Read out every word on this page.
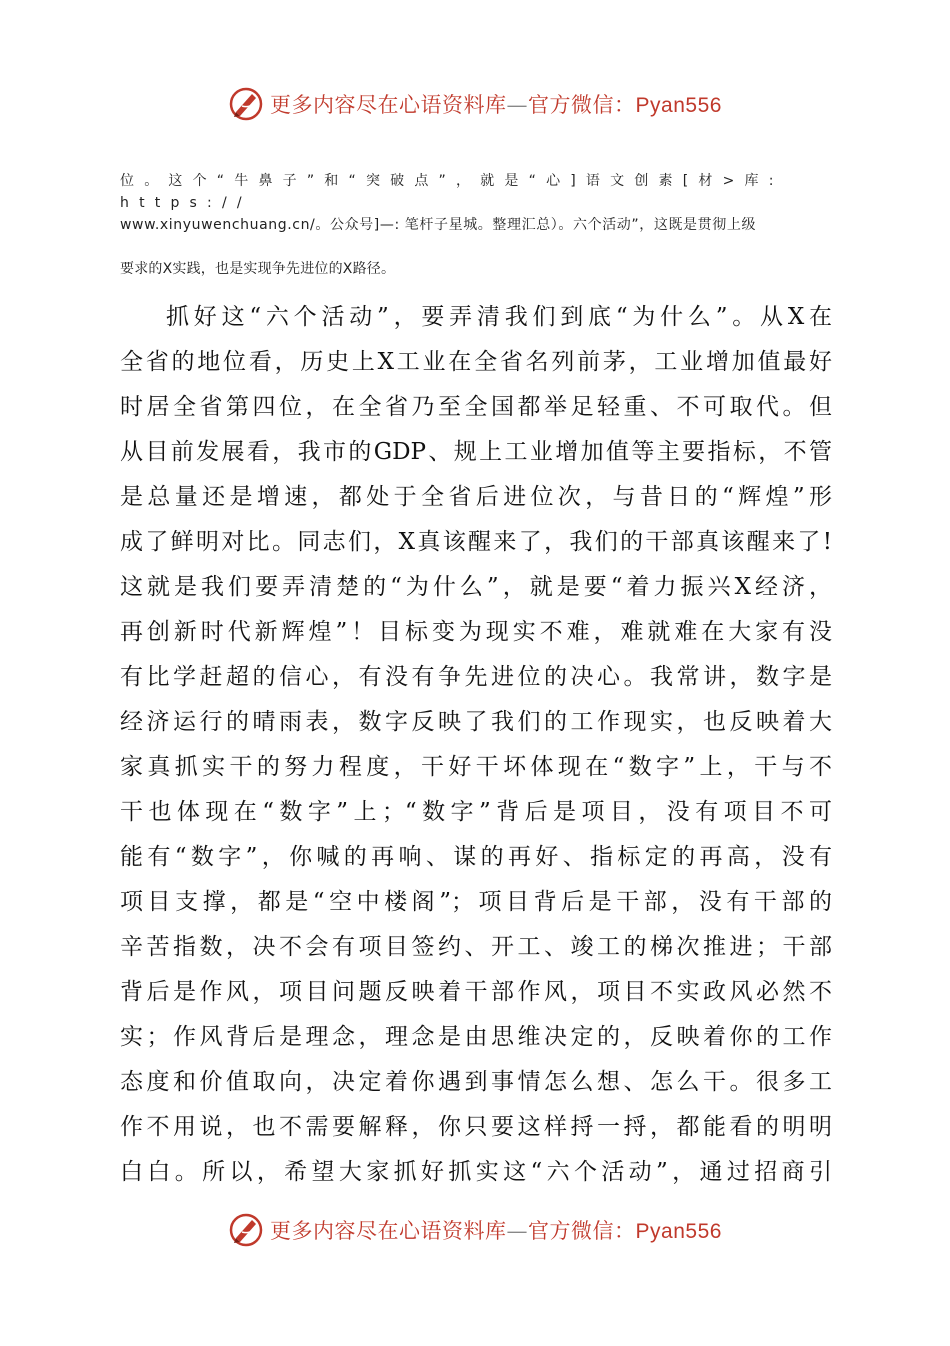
更多内容尽在心语资料库—官方微信：Pyan556

位。这个“牛鼻子”和“突破点”，就是“心]语文创素[材>库: https://

www.xinyuwenchuang.cn/。公众号]—: 笔杆子星城。整理汇总）。六个活动”，这既是贯彻上级

要求的X实践，也是实现争先进位的X路径。

抓好这“六个活动”，要弄清我们到底“为什么”。从X在
全省的地位看，历史上X工业在全省名列前茅，工业增加值最好
时居全省第四位，在全省乃至全国都举足轻重、不可取代。但
从目前发展看，我市的GDP、规上工业增加值等主要指标，不管
是总量还是增速，都处于全省后进位次，与昔日的“辉煌”形
成了鲜明对比。同志们，X真该醒来了，我们的干部真该醒来了!
这就是我们要弄清楚的“为什么”，就是要“着力振兴X经济，
再创新时代新辉煌”！目标变为现实不难，难就难在大家有没
有比学赶超的信心，有没有争先进位的决心。我常讲，数字是
经济运行的晴雨表，数字反映了我们的工作现实，也反映着大
家真抓实干的努力程度，干好干坏体现在“数字”上，干与不
干也体现在“数字”上；“数字”背后是项目，没有项目不可
能有“数字”，你喊的再响、谋的再好、指标定的再高，没有
项目支撑，都是“空中楼阁”；项目背后是干部，没有干部的
辛苦指数，决不会有项目签约、开工、竣工的梯次推进；干部
背后是作风，项目问题反映着干部作风，项目不实政风必然不
实；作风背后是理念，理念是由思维决定的，反映着你的工作
态度和价值取向，决定着你遇到事情怎么想、怎么干。很多工
作不用说，也不需要解释，你只要这样捋一捋，都能看的明明
白白。所以，希望大家抓好抓实这“六个活动”，通过招商引
更多内容尽在心语资料库—官方微信：Pyan556
